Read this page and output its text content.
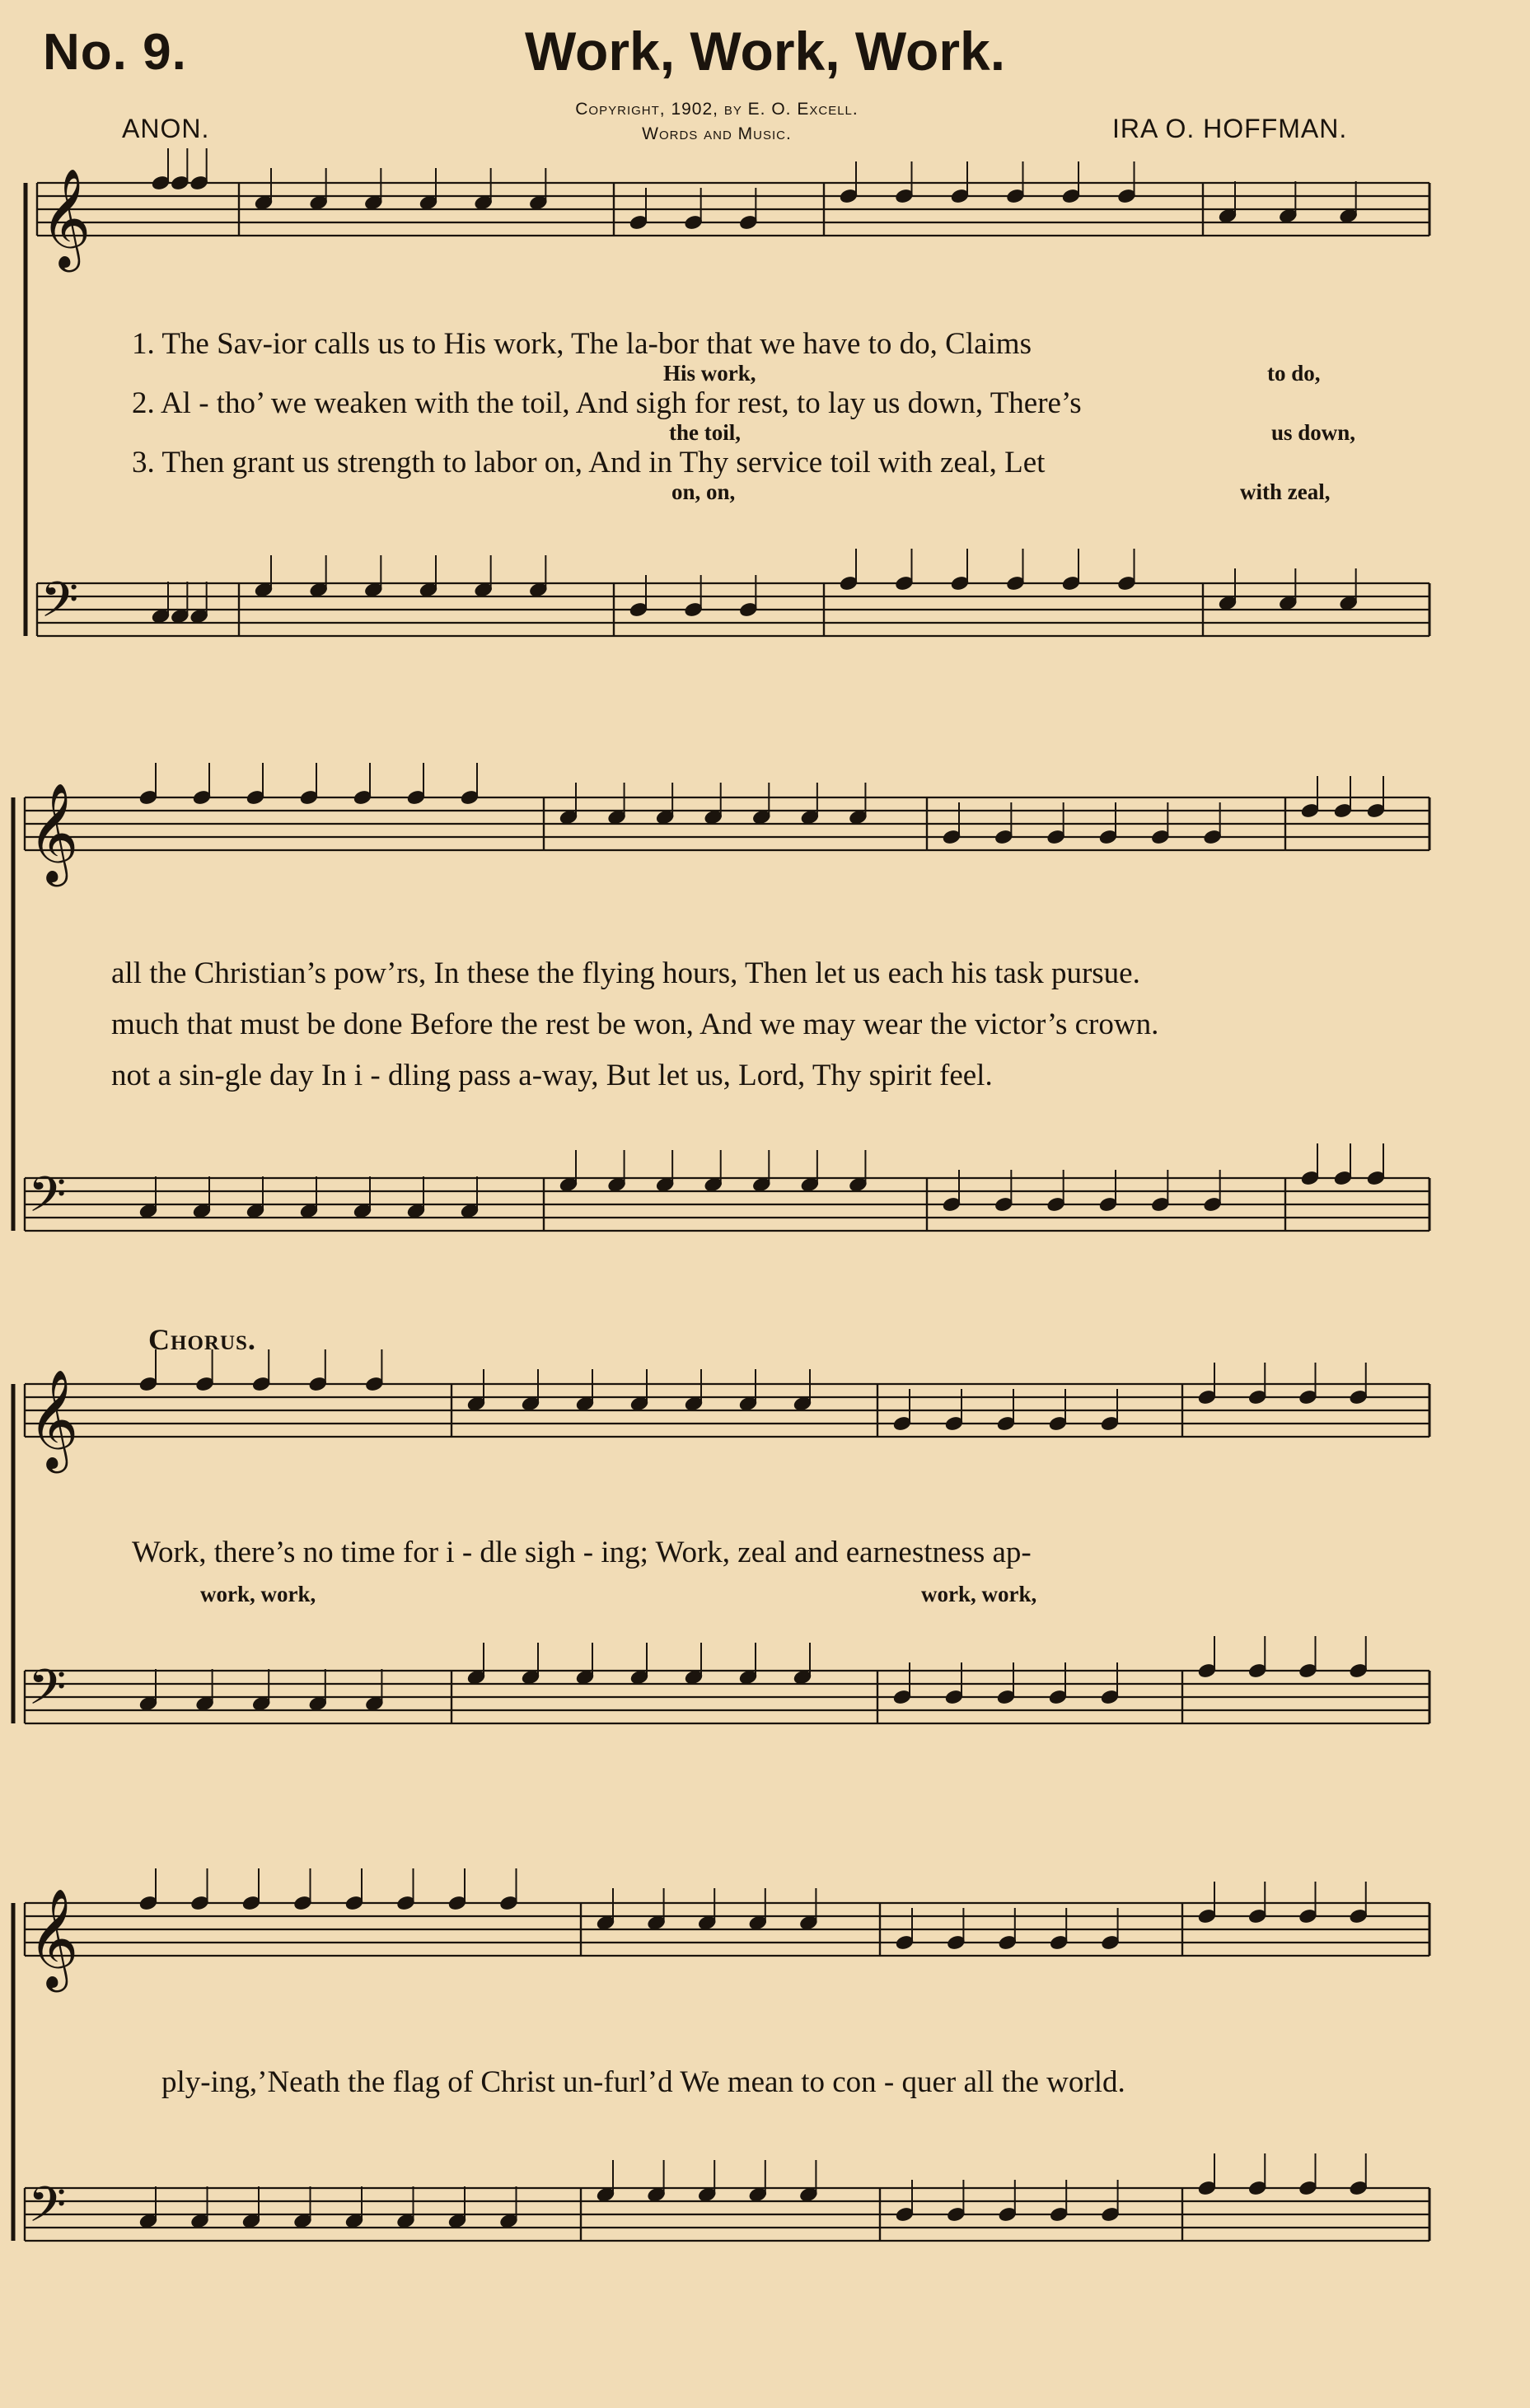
No. 9.	Work, Work, Work.
ANON.
Copyright, 1902, by E. O. Excell.
Words and Music.	IRA O. HOFFMAN.
𝄞
𝄢
𝄞
𝄢
𝄞
𝄢
𝄞
𝄢
1. The Sav-ior calls us to His work, The la-bor that we have to do, Claims
His work,	to do,
2. Al - tho’ we weaken with the toil, And sigh for rest, to lay us down, There’s
the toil,	us down,
3. Then grant us strength to labor on, And in Thy service toil with zeal, Let
on, on,	with zeal,
all the Christian’s pow’rs, In these the flying hours, Then let us each his task pursue.
much that must be done Before the rest be won, And we may wear the victor’s crown.
not a sin-gle day In i - dling pass a-way, But let us, Lord, Thy spirit feel.
Chorus.
Work, there’s no time for i - dle sigh - ing; Work, zeal and earnestness ap-
work, work,	work, work,
ply-ing,’Neath the flag of Christ un-furl’d We mean to con - quer all the world.
